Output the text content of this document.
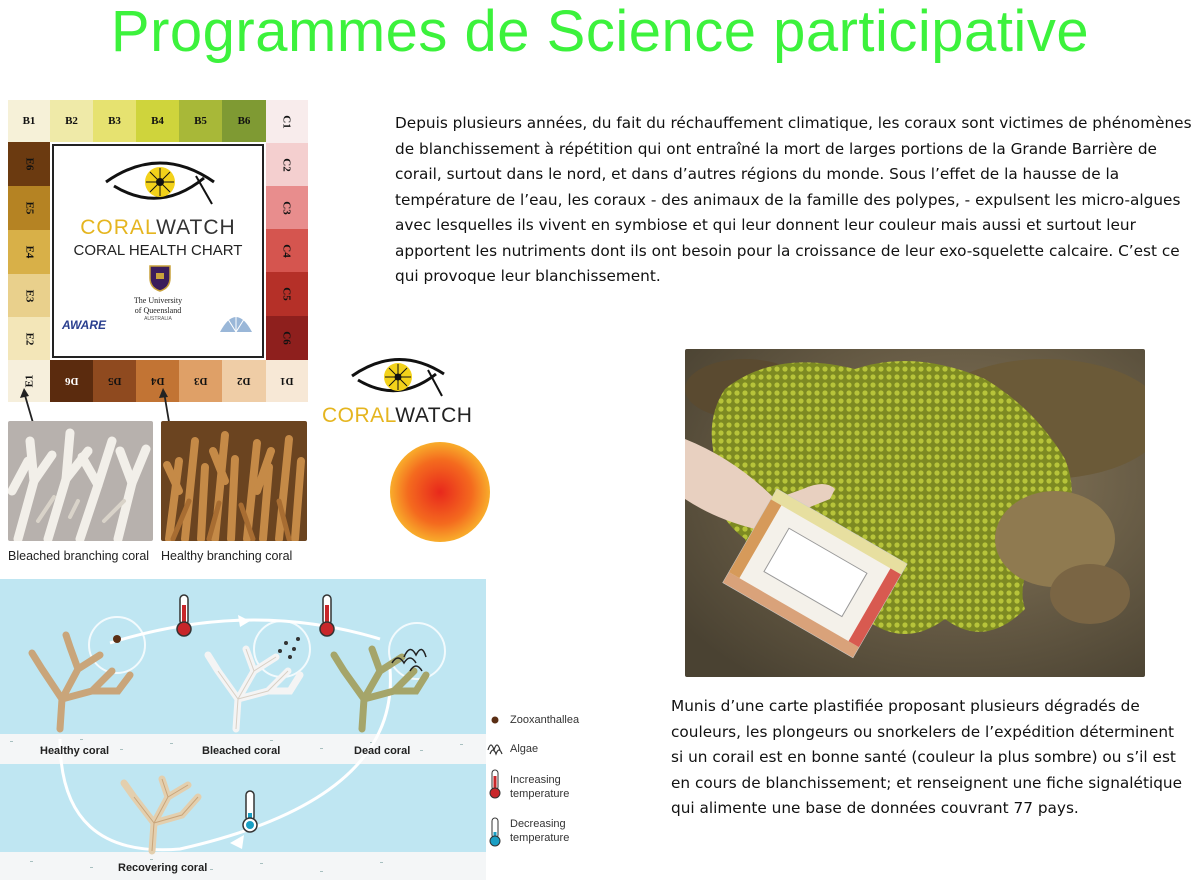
Programmes de Science participative
B1	B2	B3	B4	B5	B6	C1
C2
C3
C4
C5
C6
E6
E5
E4
E3
E2
E1	D6	D5	D4	D3	D2	D1
CORALWATCH
CORAL HEALTH CHART
The University
of Queensland
AUSTRALIA
AWARE
Bleached branching coral Healthy branching coral
CORALWATCH
Depuis plusieurs années, du fait du réchauffement climatique, les coraux sont victimes de phénomènes de blanchissement à répétition qui ont entraîné la mort de larges portions de la Grande Barrière de corail, surtout dans le nord, et dans d’autres régions du monde. Sous l’effet de la hausse de la température de l’eau, les coraux - des animaux de la famille des polypes, - expulsent les micro-algues avec lesquelles ils vivent en symbiose et qui leur donnent leur couleur mais aussi et surtout leur apportent les nutriments dont ils ont besoin pour la croissance de leur exo-squelette calcaire. C’est ce qui provoque leur blanchissement.
Munis d’une carte plastifiée proposant plusieurs dégradés de couleurs, les plongeurs ou snorkelers de l’expédition déterminent si un corail est en bonne santé (couleur la plus sombre) ou s’il est en cours de blanchissement; et renseignent une fiche signalétique qui alimente une base de données couvrant 77 pays.
Healthy coral	Bleached coral	Dead coral
Recovering coral
Zooxanthallea
Algae
Increasing
temperature
Decreasing
temperature
